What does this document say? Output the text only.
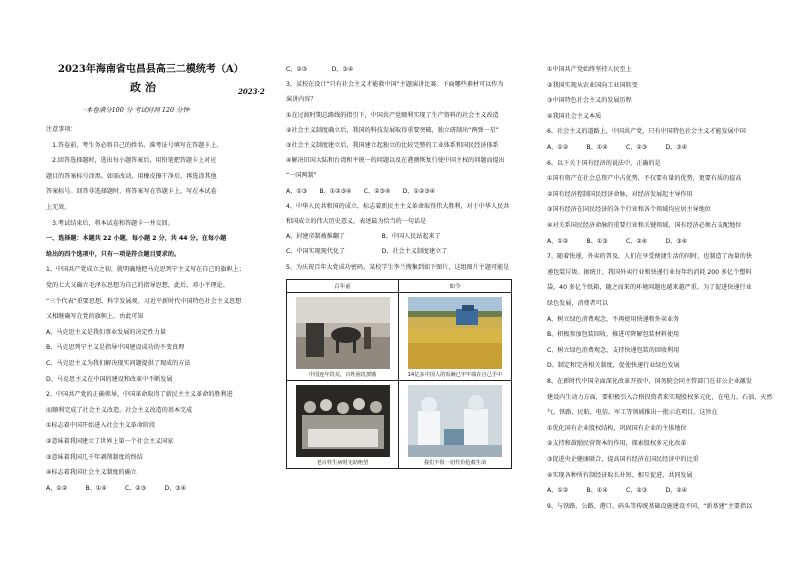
2023年海南省屯昌县高三二模统考（A）
政治	2023·2
·本卷满分100 分 考试时间 120 分钟·
注意事项：
　1.答卷前，考生务必将自己的姓名、准考证号填写在答题卡上。
　2.回答选择题时，选出每小题答案后，用铅笔把答题卡上对应
题目的答案标号涂黑。如需改动，用橡皮擦干净后，再选涂其他
答案标号。回答非选择题时，将答案写在答题卡上，写在本试卷
上无效。
　3.考试结束后，将本试卷和答题卡一并交回。
一、选择题：本题共 22 小题，每小题 2 分，共 44 分。在每小题
给出的四个选项中，只有一项是符合题目要求的。
1、中国共产党成立之初，就明确地把马克思列宁主义写在自己的旗帜上；
党的七大又确立毛泽东思想为自己的指导思想，此后，邓小平理论、
“三个代表”重要思想、科学发展观、习近平新时代中国特色社会主义思想
又相继确写在党的旗帜上。由此可知
A、马克思主义是我们事业发展的决定性力量
B、马克思列宁主义是指导中国建设成功的不变真理
C、马克思主义为我们解决现实问题提供了现成的方法
D、马克思主义在中国的建设和改革中不断发展
2、中国共产党的正确领导，中国革命取得了新民主主义革命的胜利进
而顺利完成了社会主义改造。社会主义改造的基本完成
①标志着中国开始进入社会主义革命阶段
②意味着我国建立了世界上第一个社会主义国家
③意味着我国几千年剥削制度的终结
④标志着我国社会主义制度的确立
A、①②　　　B、①④　　　C、②③　　　D、③④
C、②③　　　　D、③④
3、某校在设计“只有社会主义才能救中国”主题演讲比赛。下面哪些素材可以作为
演讲内容？
①在过渡时期总路线的指引下，中国共产党顺利实现了生产资料的社会主义改造
②社会主义制度确立后，我国的科技发展取得重要突破，独立研制出“两弹一星”
③社会主义制度建立后，我国建立起独立的比较完整的工业体系和国民经济体系
④解决旧国大陆和台湾和平统一的问题以及在港澳恢复行使中国主权的问题而提出
“一国两制”
A、①③　　B、①②③④　　C、②③④　　D、①②③④
4、中华人民共和国的成立，标志着新民主主义革命取得伟大胜利，对于中华人民共
和国成立的伟大历史意义，表述最为恰当的一句话是
A、封建帝制被推翻了　　　　　　B、中国人民站起来了
C、中国实现现代化了　　　　　　D、社会主义制度建立了
5、为庆祝百年大党成功密码，某校学生李兰搜集到如下图片，这组图片主题可能是
百年前	如今

中国连年饥荒，百姓困饥挨饿	14亿多中国人的饭碗已牢牢端在自己手中

老百姓生病时无助绝望	我们不惧一切代价抢救生命
①中国共产党始终坚持人民至上
②我国实现从农业国向工业国转变
③中国特色社会主义的发展历程
④我国社会主义本质
6、社会主义的道路上，中国共产党，只有中国特色社会主义才能发展中国
A、①②　　　B、①④　　　C、②③　　　D、③④
6、以下关于国有经济的说法中，正确的是
①国有资产在社会总资产中占优势，不仅要有量的优势，更要有质的提高
②国有经济控制国民经济命脉，对经济发展起主导作用
③国有经济在国民经济的各个行业和各个领域均应居主导地位
④对关系国民经济命脉的重要行业和关键领域，国有经济必须占支配地位
A、①②　　　B、①③　　　C、②④　　　D、③④
7、随着快递、外卖的普及，人们在享受便捷生活的同时，也制造了海量的快
递包装垃圾。据统计，我国外卖行业和快递行业每年约消耗 200 多亿个塑料
袋，40 多亿个纸箱，随之而来的环境问题也越来越严重。为了促进快递行业
绿色发展，消费者可以
A、树立绿色消费观念，不再使用快递和外卖业务
B、积极参加包装回收，推进可降解包装材料使用
C、树立绿色消费观念，支持快递包装的回收利用
D、制定和完善相关制度，促使快递行业绿色发展
8、在新时代中国全面深化改革开放中，国务院会同主管部门在非公企业激发
建设内生动力方面，要积极引入合格投资者来实现股权多元化，在电力、石油、天然
气、铁路、民航、电信、军工等领域推出一批示范项目。这旨在
①优化国有企业股权结构，巩固国有企业的主体地位
②支持和鼓励民营资本的作用，探索股权多元化改革
③促进央企健康联合，提高国有经济在国民经济中的比重
④实现各种所有制经济取长补短、相互促进、共同发展
A、①②　　　B、①④　　　C、②③　　　D、②④
9、与铁路、公路、港口、码头等传统基础设施建设不同，“新基建”主要指以
